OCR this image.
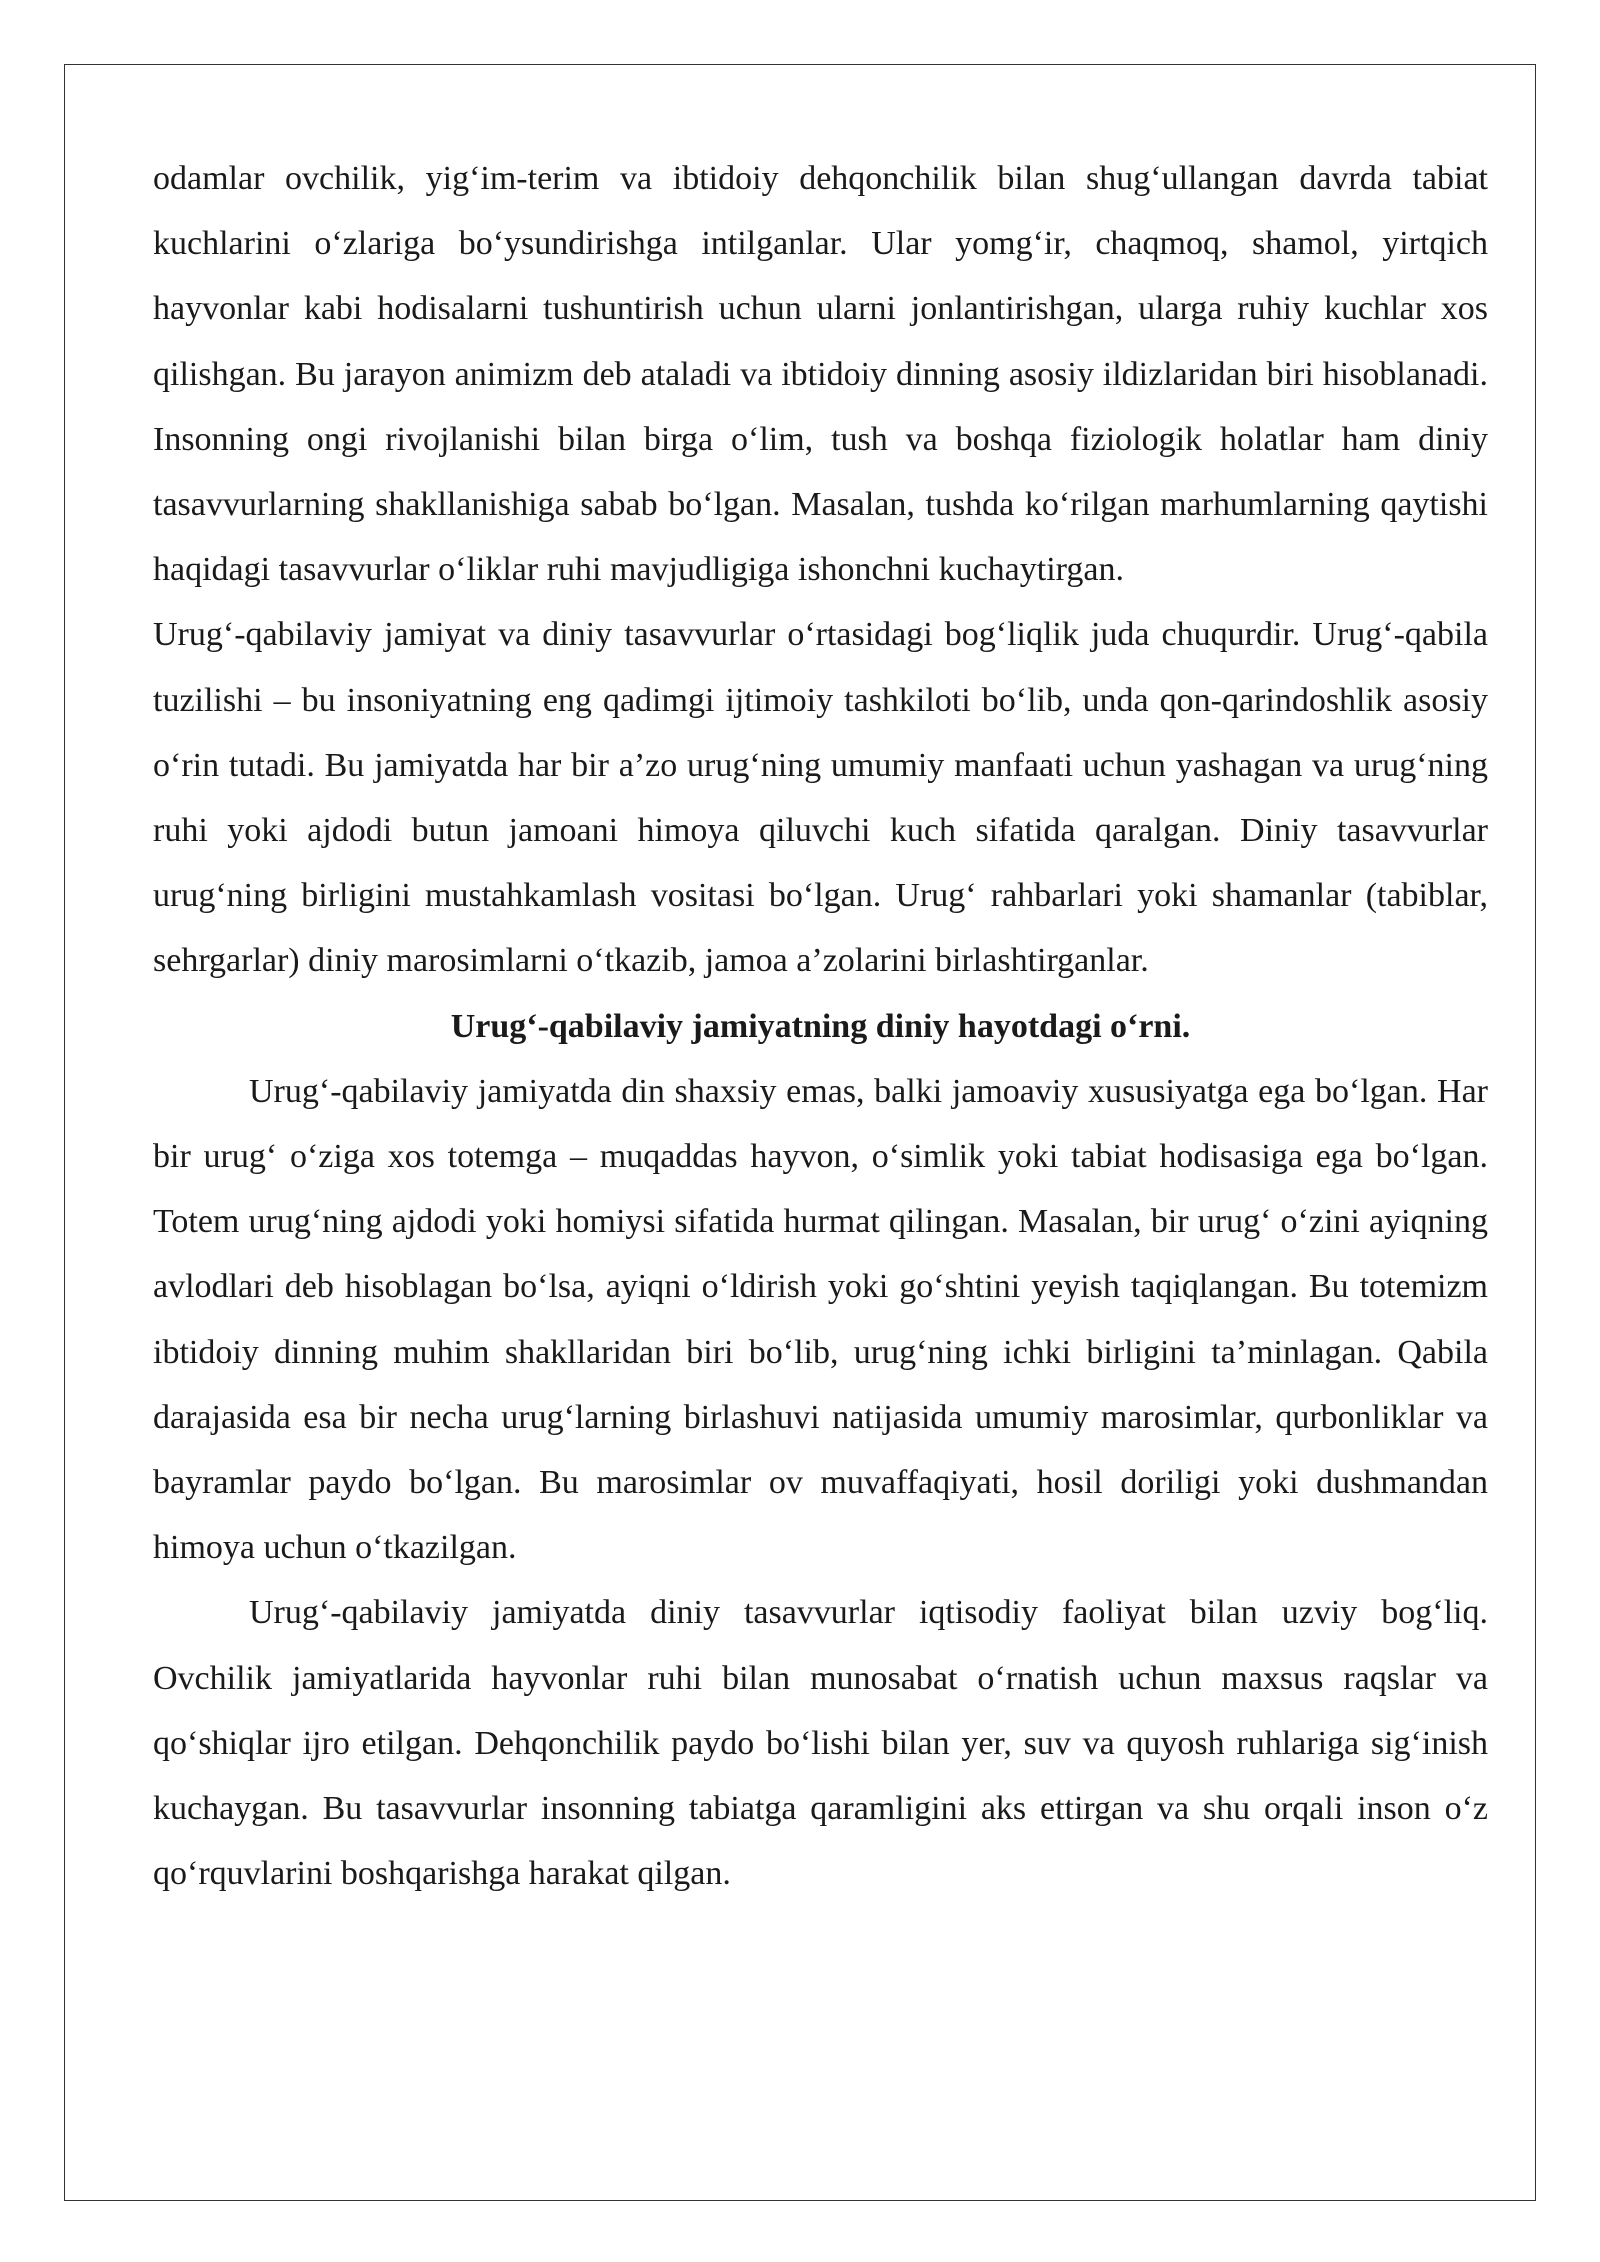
odamlar ovchilik, yig‘im-terim va ibtidoiy dehqonchilik bilan shug‘ullangan davrda tabiat kuchlarini o‘zlariga bo‘ysundirishga intilganlar. Ular yomg‘ir, chaqmoq, shamol, yirtqich hayvonlar kabi hodisalarni tushuntirish uchun ularni jonlantirishgan, ularga ruhiy kuchlar xos qilishgan. Bu jarayon animizm deb ataladi va ibtidoiy dinning asosiy ildizlaridan biri hisoblanadi. Insonning ongi rivojlanishi bilan birga o‘lim, tush va boshqa fiziologik holatlar ham diniy tasavvurlarning shakllanishiga sabab bo‘lgan. Masalan, tushda ko‘rilgan marhumlarning qaytishi haqidagi tasavvurlar o‘liklar ruhi mavjudligiga ishonchni kuchaytirgan.

Urug‘-qabilaviy jamiyat va diniy tasavvurlar o‘rtasidagi bog‘liqlik juda chuqurdir. Urug‘-qabila tuzilishi – bu insoniyatning eng qadimgi ijtimoiy tashkiloti bo‘lib, unda qon-qarindoshlik asosiy o‘rin tutadi. Bu jamiyatda har bir a’zo urug‘ning umumiy manfaati uchun yashagan va urug‘ning ruhi yoki ajdodi butun jamoani himoya qiluvchi kuch sifatida qaralgan. Diniy tasavvurlar urug‘ning birligini mustahkamlash vositasi bo‘lgan. Urug‘ rahbarlari yoki shamanlar (tabiblar, sehrgarlar) diniy marosimlarni o‘tkazib, jamoa a’zolarini birlashtirganlar.

Urug‘-qabilaviy jamiyatning diniy hayotdagi o‘rni.

Urug‘-qabilaviy jamiyatda din shaxsiy emas, balki jamoaviy xususiyatga ega bo‘lgan. Har bir urug‘ o‘ziga xos totemga – muqaddas hayvon, o‘simlik yoki tabiat hodisasiga ega bo‘lgan. Totem urug‘ning ajdodi yoki homiysi sifatida hurmat qilingan. Masalan, bir urug‘ o‘zini ayiqning avlodlari deb hisoblagan bo‘lsa, ayiqni o‘ldirish yoki go‘shtini yeyish taqiqlangan. Bu totemizm ibtidoiy dinning muhim shakllaridan biri bo‘lib, urug‘ning ichki birligini ta’minlagan. Qabila darajasida esa bir necha urug‘larning birlashuvi natijasida umumiy marosimlar, qurbonliklar va bayramlar paydo bo‘lgan. Bu marosimlar ov muvaffaqiyati, hosil doriligi yoki dushmandan himoya uchun o‘tkazilgan.

Urug‘-qabilaviy jamiyatda diniy tasavvurlar iqtisodiy faoliyat bilan uzviy bog‘liq. Ovchilik jamiyatlarida hayvonlar ruhi bilan munosabat o‘rnatish uchun maxsus raqslar va qo‘shiqlar ijro etilgan. Dehqonchilik paydo bo‘lishi bilan yer, suv va quyosh ruhlariga sig‘inish kuchaygan. Bu tasavvurlar insonning tabiatga qaramligini aks ettirgan va shu orqali inson o‘z qo‘rquvlarini boshqarishga harakat qilgan.
